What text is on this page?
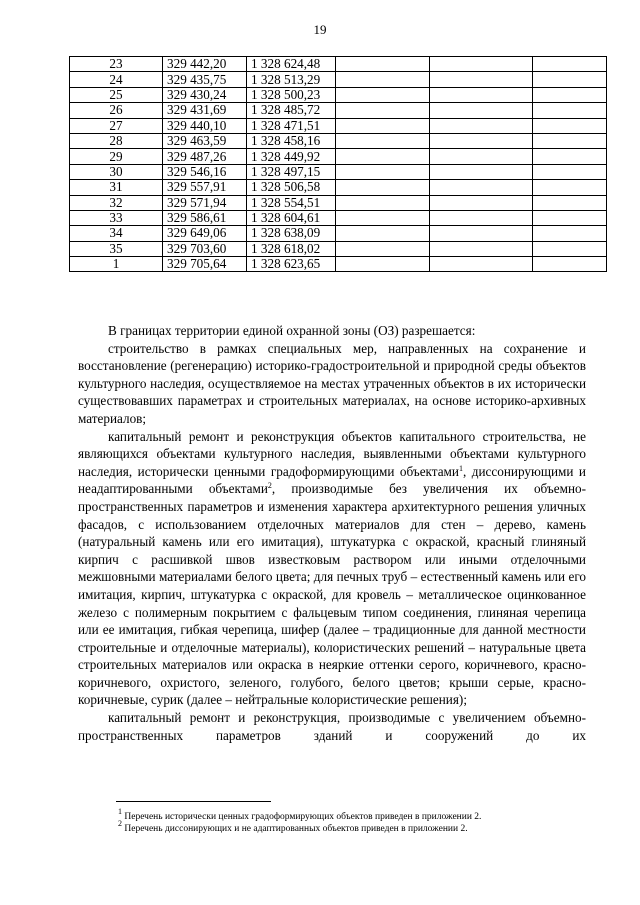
19
23	329 442,20	1 328 624,48			
24	329 435,75	1 328 513,29			
25	329 430,24	1 328 500,23			
26	329 431,69	1 328 485,72			
27	329 440,10	1 328 471,51			
28	329 463,59	1 328 458,16			
29	329 487,26	1 328 449,92			
30	329 546,16	1 328 497,15			
31	329 557,91	1 328 506,58			
32	329 571,94	1 328 554,51			
33	329 586,61	1 328 604,61			
34	329 649,06	1 328 638,09			
35	329 703,60	1 328 618,02			
1	329 705,64	1 328 623,65			

В границах территории единой охранной зоны (ОЗ) разрешается:

строительство в рамках специальных мер, направленных на сохранение и восстановление (регенерацию) историко-градостроительной и природной среды объектов культурного наследия, осуществляемое на местах утраченных объектов в их исторически существовавших параметрах и строительных материалах, на основе историко-архивных материалов;

капитальный ремонт и реконструкция объектов капитального строительства, не являющихся объектами культурного наследия, выявленными объектами культурного наследия, исторически ценными градоформирующими объектами$^1$, диссонирующими и неадаптированными объектами$^2$, производимые без увеличения их объемно-пространственных параметров и изменения характера архитектурного решения уличных фасадов, с использованием отделочных материалов для стен – дерево, камень (натуральный камень или его имитация), штукатурка с окраской, красный глиняный кирпич с расшивкой швов известковым раствором или иными отделочными межшовными материалами белого цвета; для печных труб – естественный камень или его имитация, кирпич, штукатурка с окраской, для кровель – металлическое оцинкованное железо с полимерным покрытием с фальцевым типом соединения, глиняная черепица или ее имитация, гибкая черепица, шифер (далее – традиционные для данной местности строительные и отделочные материалы), колористических решений – натуральные цвета строительных материалов или окраска в неяркие оттенки серого, коричневого, красно-коричневого, охристого, зеленого, голубого, белого цветов; крыши серые, красно-коричневые, сурик (далее – нейтральные колористические решения);

капитальный ремонт и реконструкция, производимые с увеличением объемно-пространственных параметров зданий и сооружений до их

$^1$ Перечень исторически ценных градоформирующих объектов приведен в приложении 2.
$^2$ Перечень диссонирующих и не адаптированных объектов приведен в приложении 2.
